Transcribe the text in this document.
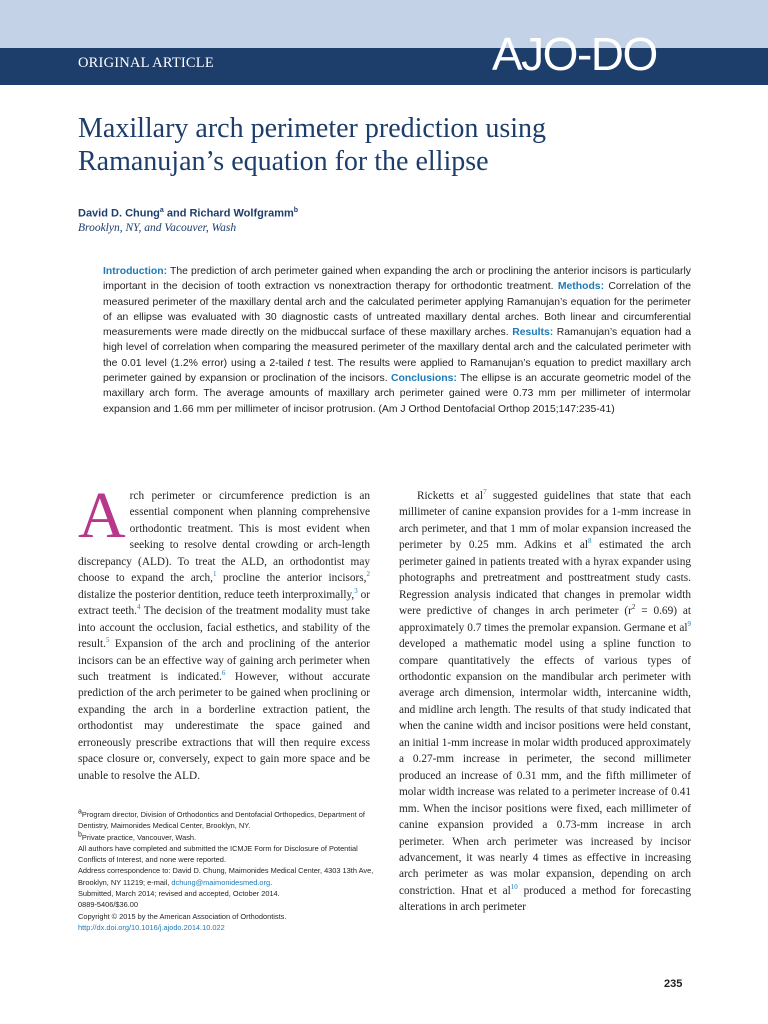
ORIGINAL ARTICLE	AJO-DO
Maxillary arch perimeter prediction using Ramanujan’s equation for the ellipse
David D. Chung$^a$ and Richard Wolfgramm$^b$
Brooklyn, NY, and Vacouver, Wash

Introduction: The prediction of arch perimeter gained when expanding the arch or proclining the anterior incisors is particularly important in the decision of tooth extraction vs nonextraction therapy for orthodontic treatment. Methods: Correlation of the measured perimeter of the maxillary dental arch and the calculated perimeter applying Ramanujan’s equation for the perimeter of an ellipse was evaluated with 30 diagnostic casts of untreated maxillary dental arches. Both linear and circumferential measurements were made directly on the midbuccal surface of these maxillary arches. Results: Ramanujan’s equation had a high level of correlation when comparing the measured perimeter of the maxillary dental arch and the calculated perimeter with the 0.01 level (1.2% error) using a 2-tailed t test. The results were applied to Ramanujan’s equation to predict maxillary arch perimeter gained by expansion or proclination of the incisors. Conclusions: The ellipse is an accurate geometric model of the maxillary arch form. The average amounts of maxillary arch perimeter gained were 0.73 mm per millimeter of intermolar expansion and 1.66 mm per millimeter of incisor protrusion. (Am J Orthod Dentofacial Orthop 2015;147:235-41)

Arch perimeter or circumference prediction is an essential component when planning comprehensive orthodontic treatment. This is most evident when seeking to resolve dental crowding or arch-length discrepancy (ALD). To treat the ALD, an orthodontist may choose to expand the arch,$^1$ procline the anterior incisors,$^2$ distalize the posterior dentition, reduce teeth interproximally,$^3$ or extract teeth.$^4$ The decision of the treatment modality must take into account the occlusion, facial esthetics, and stability of the result.$^5$ Expansion of the arch and proclining of the anterior incisors can be an effective way of gaining arch perimeter when such treatment is indicated.$^6$ However, without accurate prediction of the arch perimeter to be gained when proclining or expanding the arch in a borderline extraction patient, the orthodontist may underestimate the space gained and erroneously prescribe extractions that will then require excess space closure or, conversely, expect to gain more space and be unable to resolve the ALD.

$^a$Program director, Division of Orthodontics and Dentofacial Orthopedics, Department of Dentistry, Maimonides Medical Center, Brooklyn, NY.

$^b$Private practice, Vancouver, Wash.

All authors have completed and submitted the ICMJE Form for Disclosure of Potential Conflicts of Interest, and none were reported.

Address correspondence to: David D. Chung, Maimonides Medical Center, 4303 13th Ave, Brooklyn, NY 11219; e-mail, dchung@maimonidesmed.org.

Submitted, March 2014; revised and accepted, October 2014.

0889-5406/$36.00

Copyright © 2015 by the American Association of Orthodontists.

http://dx.doi.org/10.1016/j.ajodo.2014.10.022

Ricketts et al$^7$ suggested guidelines that state that each millimeter of canine expansion provides for a 1-mm increase in arch perimeter, and that 1 mm of molar expansion increased the perimeter by 0.25 mm. Adkins et al$^8$ estimated the arch perimeter gained in patients treated with a hyrax expander using photographs and pretreatment and posttreatment study casts. Regression analysis indicated that changes in premolar width were predictive of changes in arch perimeter $(r^2 = 0.69)$ at approximately 0.7 times the premolar expansion. Germane et al$^9$ developed a mathematic model using a spline function to compare quantitatively the effects of various types of orthodontic expansion on the mandibular arch perimeter with average arch dimension, intermolar width, intercanine width, and midline arch length. The results of that study indicated that when the canine width and incisor positions were held constant, an initial 1-mm increase in molar width produced approximately a 0.27-mm increase in perimeter, the second millimeter produced an increase of 0.31 mm, and the fifth millimeter of molar width increase was related to a perimeter increase of 0.41 mm. When the incisor positions were fixed, each millimeter of canine expansion provided a 0.73-mm increase in arch perimeter. When arch perimeter was increased by incisor advancement, it was nearly 4 times as effective in increasing arch perimeter as was molar expansion, depending on arch constriction. Hnat et al$^{10}$ produced a method for forecasting alterations in arch perimeter

235
